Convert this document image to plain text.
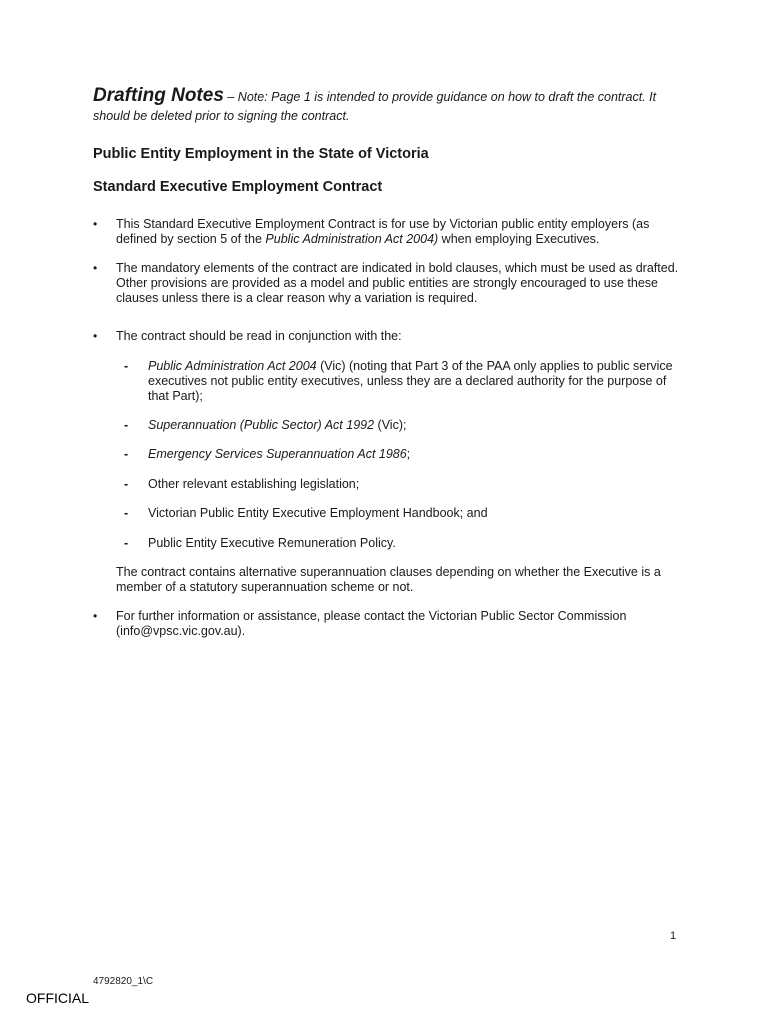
Drafting Notes – Note: Page 1 is intended to provide guidance on how to draft the contract. It should be deleted prior to signing the contract.
Public Entity Employment in the State of Victoria
Standard Executive Employment Contract
•	This Standard Executive Employment Contract is for use by Victorian public entity employers (as defined by section 5 of the Public Administration Act 2004) when employing Executives.
•	The mandatory elements of the contract are indicated in bold clauses, which must be used as drafted. Other provisions are provided as a model and public entities are strongly encouraged to use these clauses unless there is a clear reason why a variation is required.
•	The contract should be read in conjunction with the:
- Public Administration Act 2004 (Vic) (noting that Part 3 of the PAA only applies to public service executives not public entity executives, unless they are a declared authority for the purpose of that Part);
- Superannuation (Public Sector) Act 1992 (Vic);
- Emergency Services Superannuation Act 1986;
- Other relevant establishing legislation;
- Victorian Public Entity Executive Employment Handbook; and
- Public Entity Executive Remuneration Policy.
The contract contains alternative superannuation clauses depending on whether the Executive is a member of a statutory superannuation scheme or not.
•	For further information or assistance, please contact the Victorian Public Sector Commission (info@vpsc.vic.gov.au).
1
4792820_1\C
OFFICIAL
